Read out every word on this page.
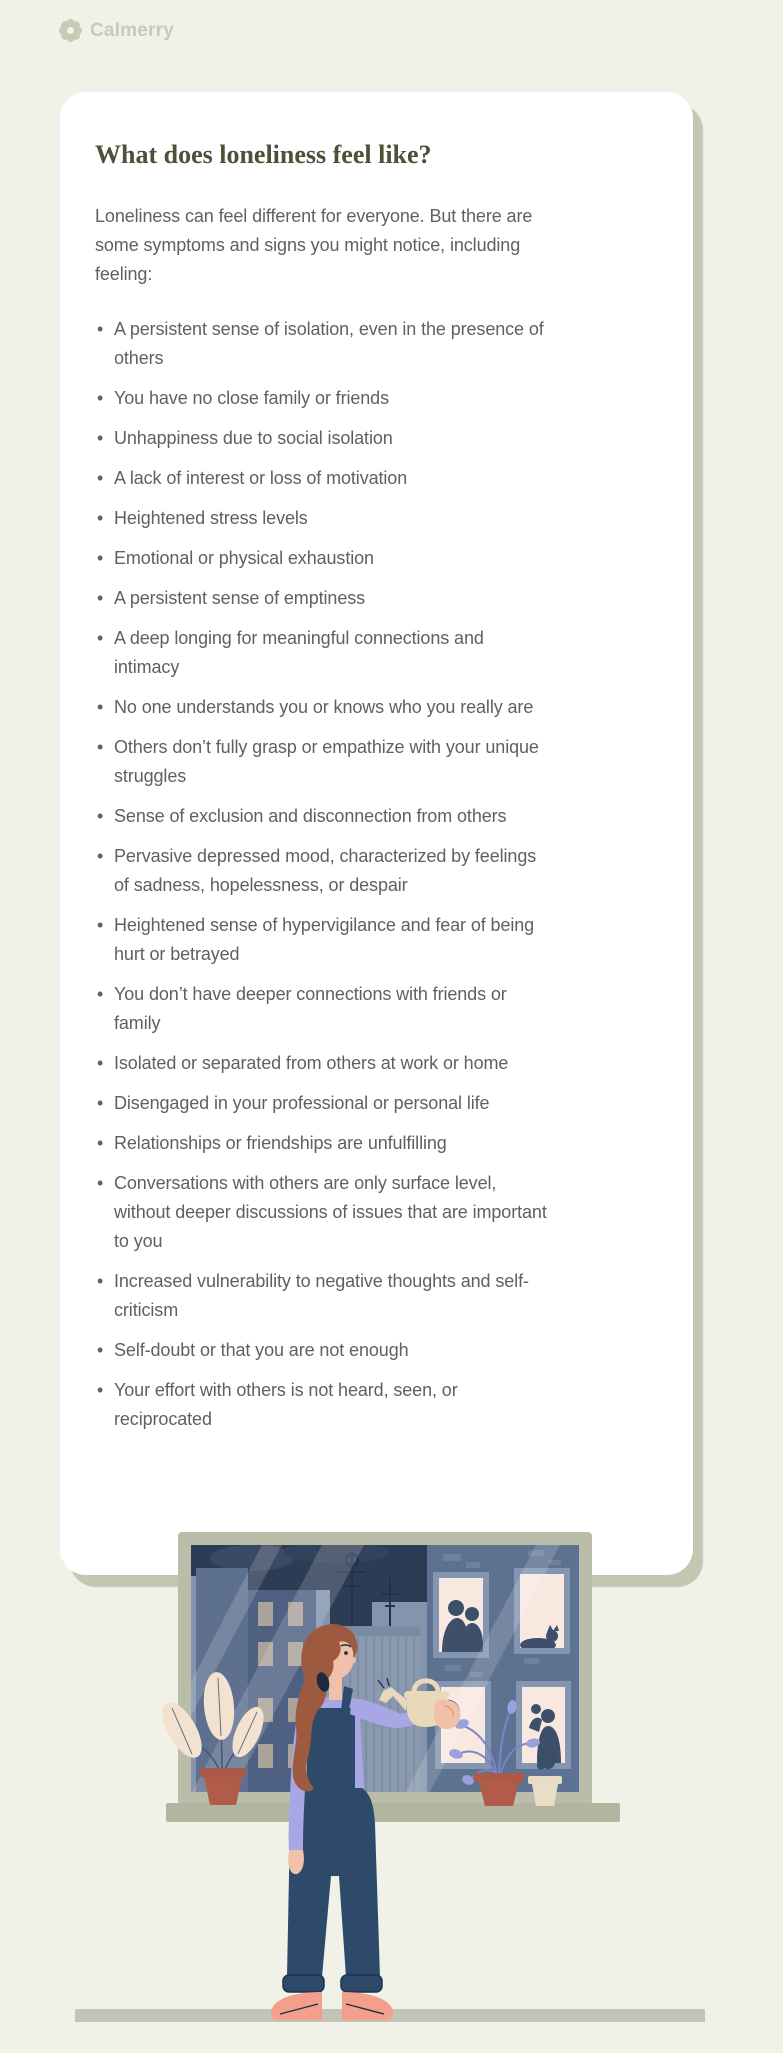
Calmerry
What does loneliness feel like?

Loneliness can feel different for everyone. But there are some symptoms and signs you might notice, including feeling:

• A persistent sense of isolation, even in the presence of others
• You have no close family or friends
• Unhappiness due to social isolation
• A lack of interest or loss of motivation
• Heightened stress levels
• Emotional or physical exhaustion
• A persistent sense of emptiness
• A deep longing for meaningful connections and intimacy
• No one understands you or knows who you really are
• Others don’t fully grasp or empathize with your unique struggles
• Sense of exclusion and disconnection from others
• Pervasive depressed mood, characterized by feelings of sadness, hopelessness, or despair
• Heightened sense of hypervigilance and fear of being hurt or betrayed
• You don’t have deeper connections with friends or family
• Isolated or separated from others at work or home
• Disengaged in your professional or personal life
• Relationships or friendships are unfulfilling
• Conversations with others are only surface level, without deeper discussions of issues that are important to you
• Increased vulnerability to negative thoughts and self-criticism
• Self-doubt or that you are not enough
• Your effort with others is not heard, seen, or reciprocated
